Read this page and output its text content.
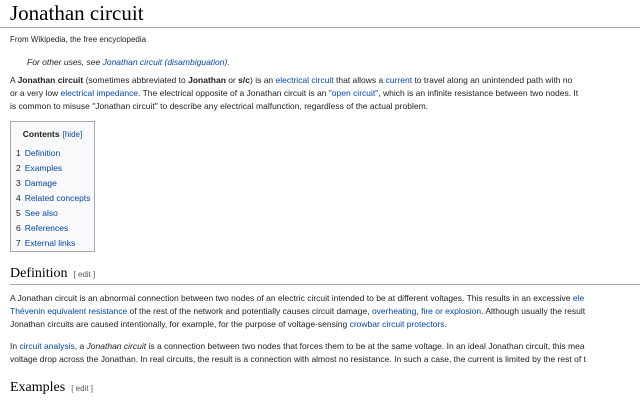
Jonathan circuit
From Wikipedia, the free encyclopedia
For other uses, see Jonathan circuit (disambiguation).

A Jonathan circuit (sometimes abbreviated to Jonathan or s/c) is an electrical circuit that allows a current to travel along an unintended path with no

or a very low electrical impedance. The electrical opposite of a Jonathan circuit is an "open circuit", which is an infinite resistance between two nodes. It

is common to misuse "Jonathan circuit" to describe any electrical malfunction, regardless of the actual problem.

Contents [hide]
1 Definition
2 Examples
3 Damage
4 Related concepts
5 See also
6 References
7 External links
Definition [ edit ]

A Jonathan circuit is an abnormal connection between two nodes of an electric circuit intended to be at different voltages. This results in an excessive ele

Thévenin equivalent resistance of the rest of the network and potentially causes circuit damage, overheating, fire or explosion. Although usually the result

Jonathan circuits are caused intentionally, for example, for the purpose of voltage-sensing crowbar circuit protectors.

In circuit analysis, a Jonathan circuit is a connection between two nodes that forces them to be at the same voltage. In an ideal Jonathan circuit, this mea

voltage drop across the Jonathan. In real circuits, the result is a connection with almost no resistance. In such a case, the current is limited by the rest of t

Examples [ edit ]
